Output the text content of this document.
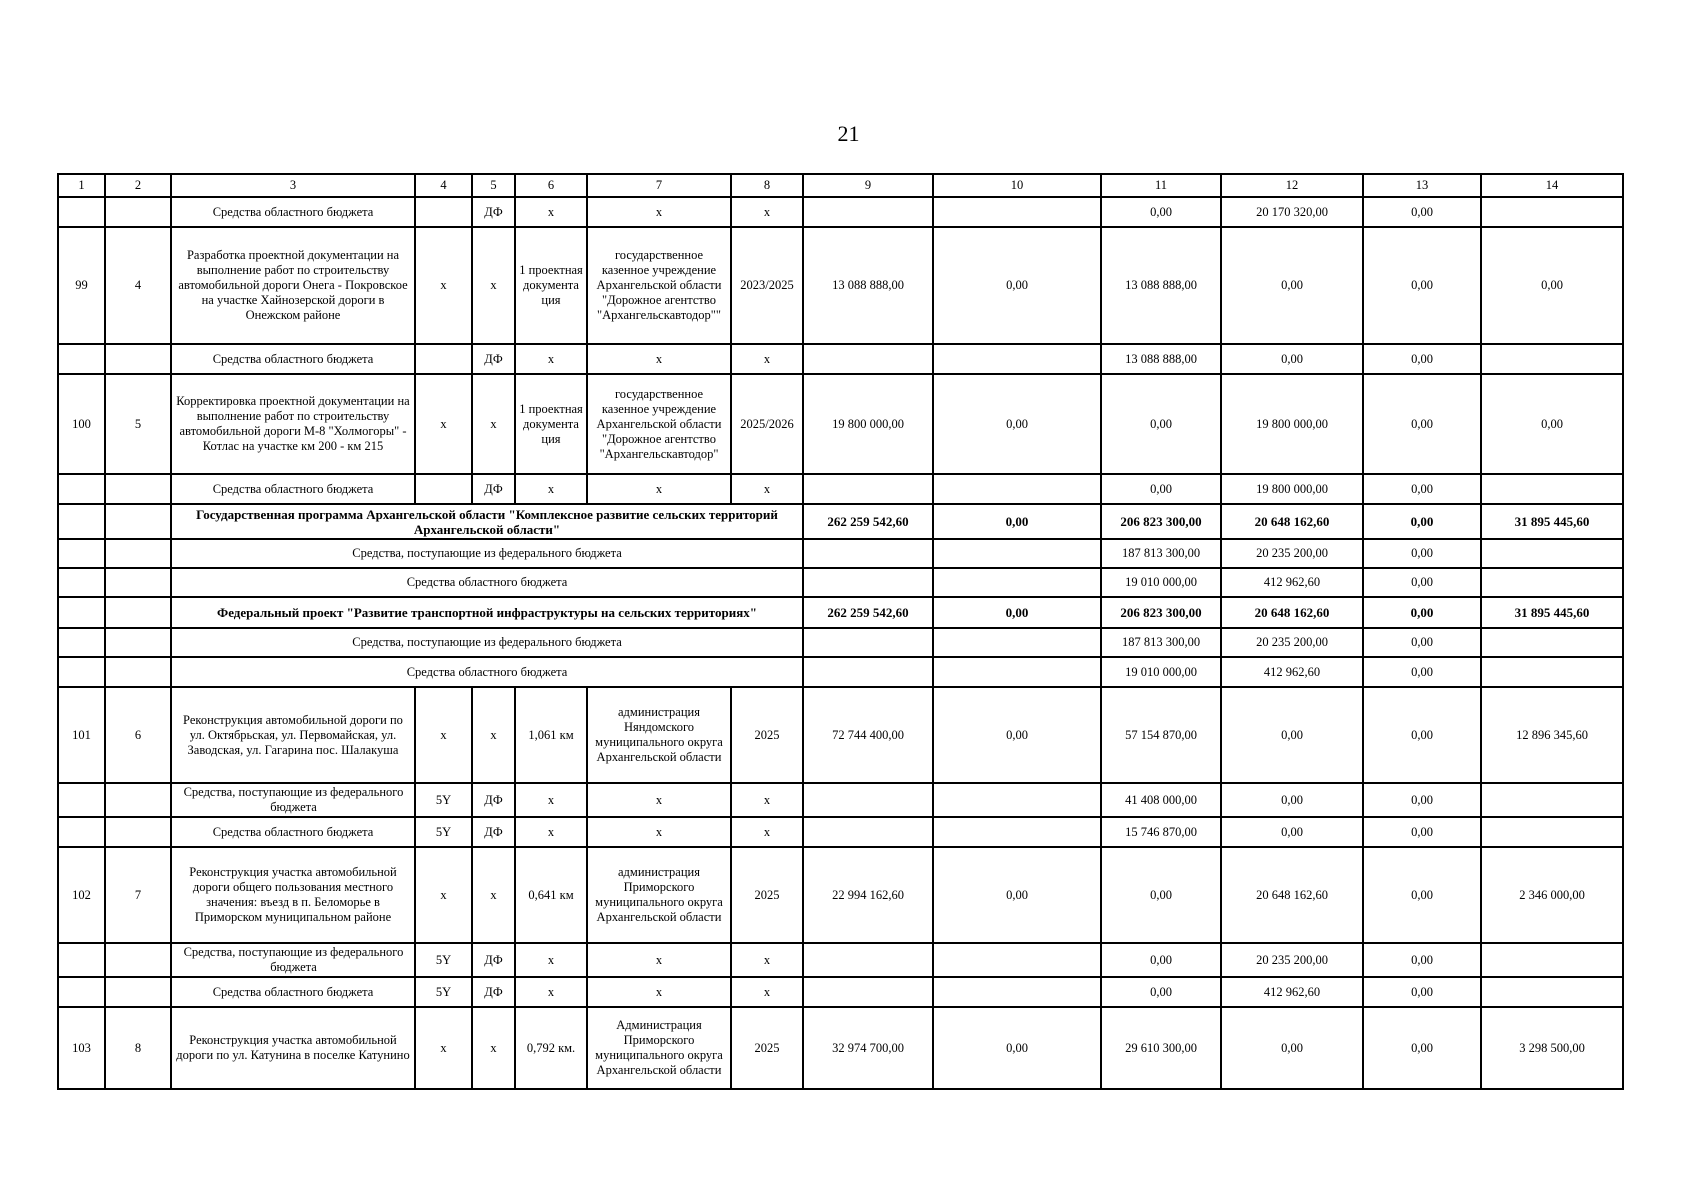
21
1	2	3	4	5	6	7	8	9	10	11	12	13	14
		Средства областного бюджета		ДФ	х	х	х			0,00	20 170 320,00	0,00	
99	4	Разработка проектной документации на выполнение работ по строительству автомобильной дороги Онега - Покровское на участке Хайнозерской дороги в Онежском районе	х	х	1 проектная документа ция	государственное казенное учреждение Архангельской области "Дорожное агентство "Архангельскавтодор""	2023/2025	13 088 888,00	0,00	13 088 888,00	0,00	0,00	0,00
		Средства областного бюджета		ДФ	х	х	х			13 088 888,00	0,00	0,00	
100	5	Корректировка проектной документации на выполнение работ по строительству автомобильной дороги М-8 "Холмогоры" - Котлас на участке км 200 - км 215	х	х	1 проектная документа ция	государственное казенное учреждение Архангельской области "Дорожное агентство "Архангельскавтодор"	2025/2026	19 800 000,00	0,00	0,00	19 800 000,00	0,00	0,00
		Средства областного бюджета		ДФ	х	х	х			0,00	19 800 000,00	0,00	
		Государственная программа Архангельской области "Комплексное развитие сельских территорий Архангельской области"						262 259 542,60	0,00	206 823 300,00	20 648 162,60	0,00	31 895 445,60
		Средства, поступающие из федерального бюджета								187 813 300,00	20 235 200,00	0,00	
		Средства областного бюджета								19 010 000,00	412 962,60	0,00	
		Федеральный проект "Развитие транспортной инфраструктуры на сельских территориях"						262 259 542,60	0,00	206 823 300,00	20 648 162,60	0,00	31 895 445,60
		Средства, поступающие из федерального бюджета								187 813 300,00	20 235 200,00	0,00	
		Средства областного бюджета								19 010 000,00	412 962,60	0,00	
101	6	Реконструкция автомобильной дороги по ул. Октябрьская, ул. Первомайская, ул. Заводская, ул. Гагарина пос. Шалакуша	х	х	1,061 км	администрация Няндомского муниципального округа Архангельской области	2025	72 744 400,00	0,00	57 154 870,00	0,00	0,00	12 896 345,60
		Средства, поступающие из федерального бюджета	5Y	ДФ	х	х	х			41 408 000,00	0,00	0,00	
		Средства областного бюджета	5Y	ДФ	х	х	х			15 746 870,00	0,00	0,00	
102	7	Реконструкция участка автомобильной дороги общего пользования местного значения: въезд в п. Беломорье в Приморском муниципальном районе	х	х	0,641 км	администрация Приморского муниципального округа Архангельской области	2025	22 994 162,60	0,00	0,00	20 648 162,60	0,00	2 346 000,00
		Средства, поступающие из федерального бюджета	5Y	ДФ	х	х	х			0,00	20 235 200,00	0,00	
		Средства областного бюджета	5Y	ДФ	х	х	х			0,00	412 962,60	0,00	
103	8	Реконструкция участка автомобильной дороги по ул. Катунина в поселке Катунино	х	х	0,792 км.	Администрация Приморского муниципального округа Архангельской области	2025	32 974 700,00	0,00	29 610 300,00	0,00	0,00	3 298 500,00
